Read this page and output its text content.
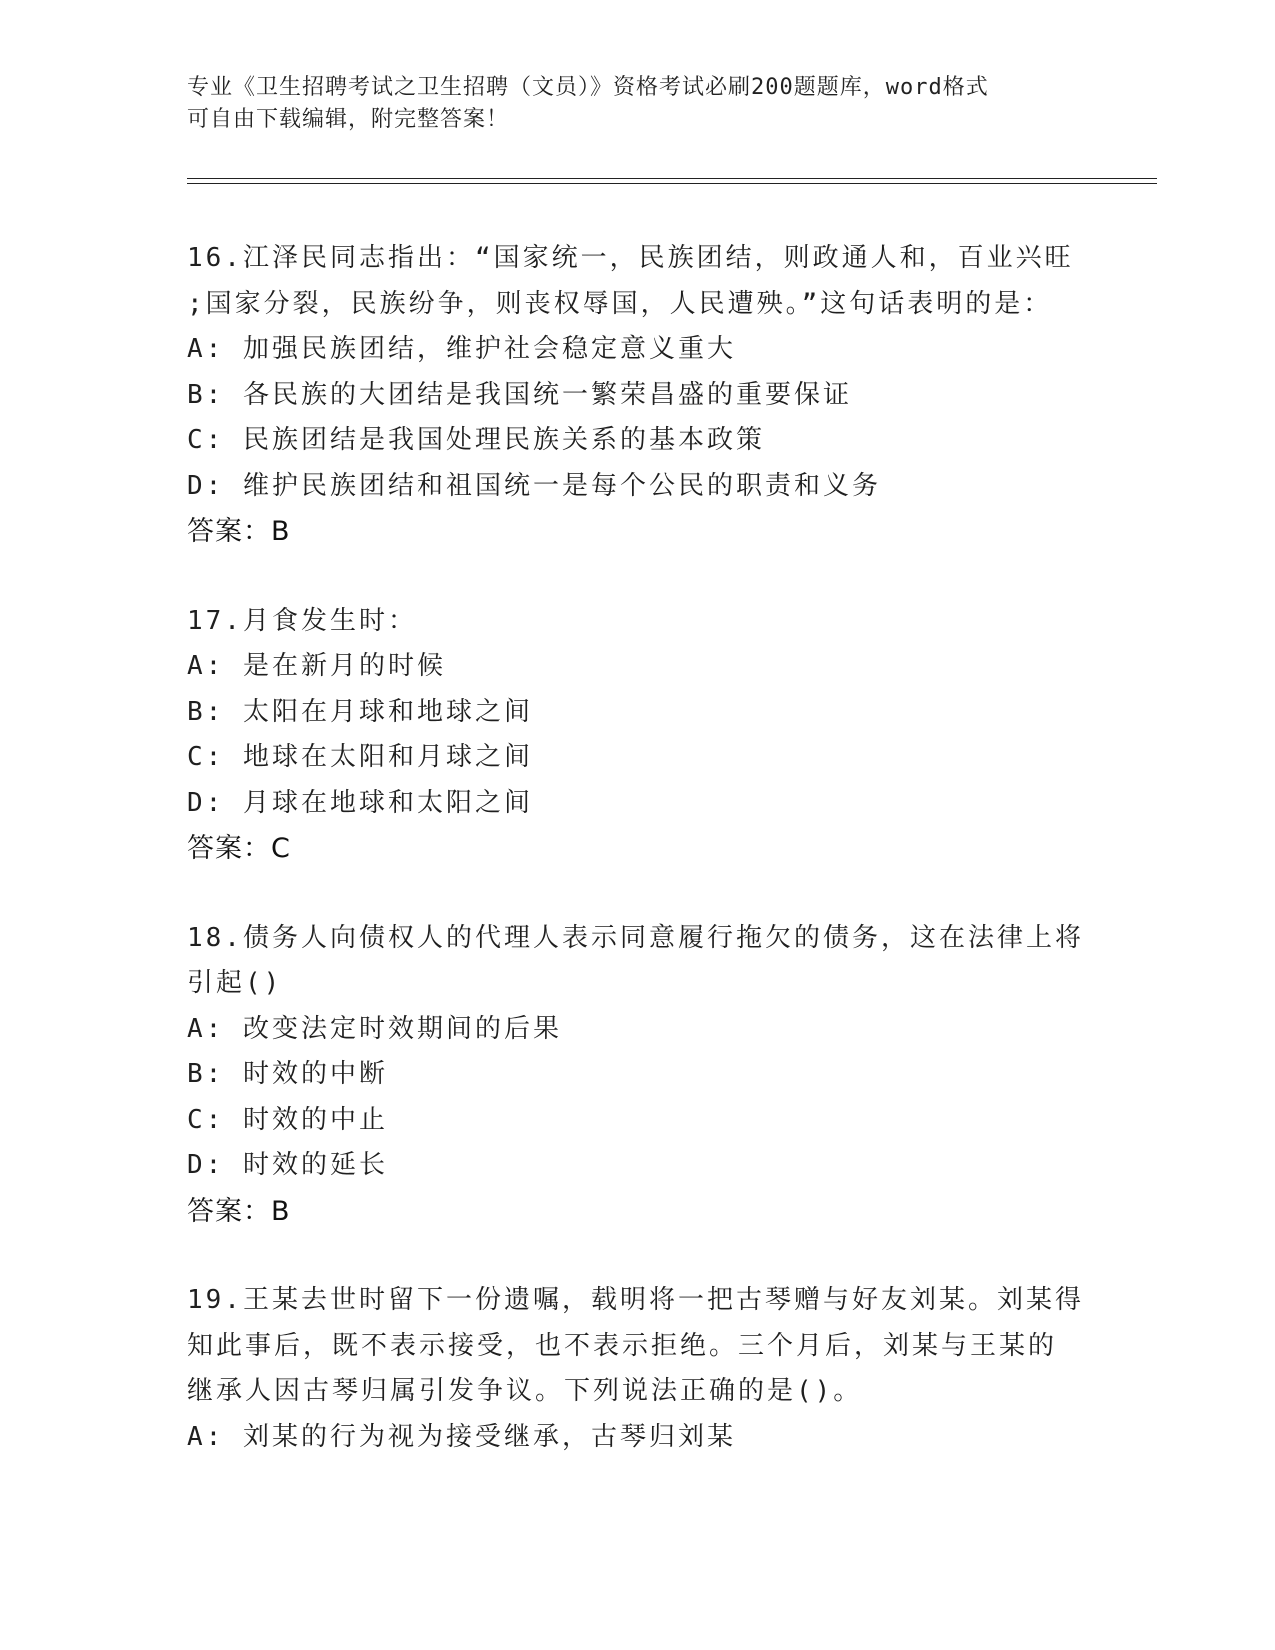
专业《卫生招聘考试之卫生招聘（文员）》资格考试必刷200题题库，word格式
可自由下载编辑，附完整答案！
16.江泽民同志指出：“国家统一，民族团结，则政通人和，百业兴旺
;国家分裂，民族纷争，则丧权辱国，人民遭殃。”这句话表明的是：
A: 加强民族团结，维护社会稳定意义重大
B: 各民族的大团结是我国统一繁荣昌盛的重要保证
C: 民族团结是我国处理民族关系的基本政策
D: 维护民族团结和祖国统一是每个公民的职责和义务
答案：B
17.月食发生时：
A: 是在新月的时候
B: 太阳在月球和地球之间
C: 地球在太阳和月球之间
D: 月球在地球和太阳之间
答案：C
18.债务人向债权人的代理人表示同意履行拖欠的债务，这在法律上将
引起()
A: 改变法定时效期间的后果
B: 时效的中断
C: 时效的中止
D: 时效的延长
答案：B
19.王某去世时留下一份遗嘱，载明将一把古琴赠与好友刘某。刘某得
知此事后，既不表示接受，也不表示拒绝。三个月后，刘某与王某的
继承人因古琴归属引发争议。下列说法正确的是()。
A: 刘某的行为视为接受继承，古琴归刘某
